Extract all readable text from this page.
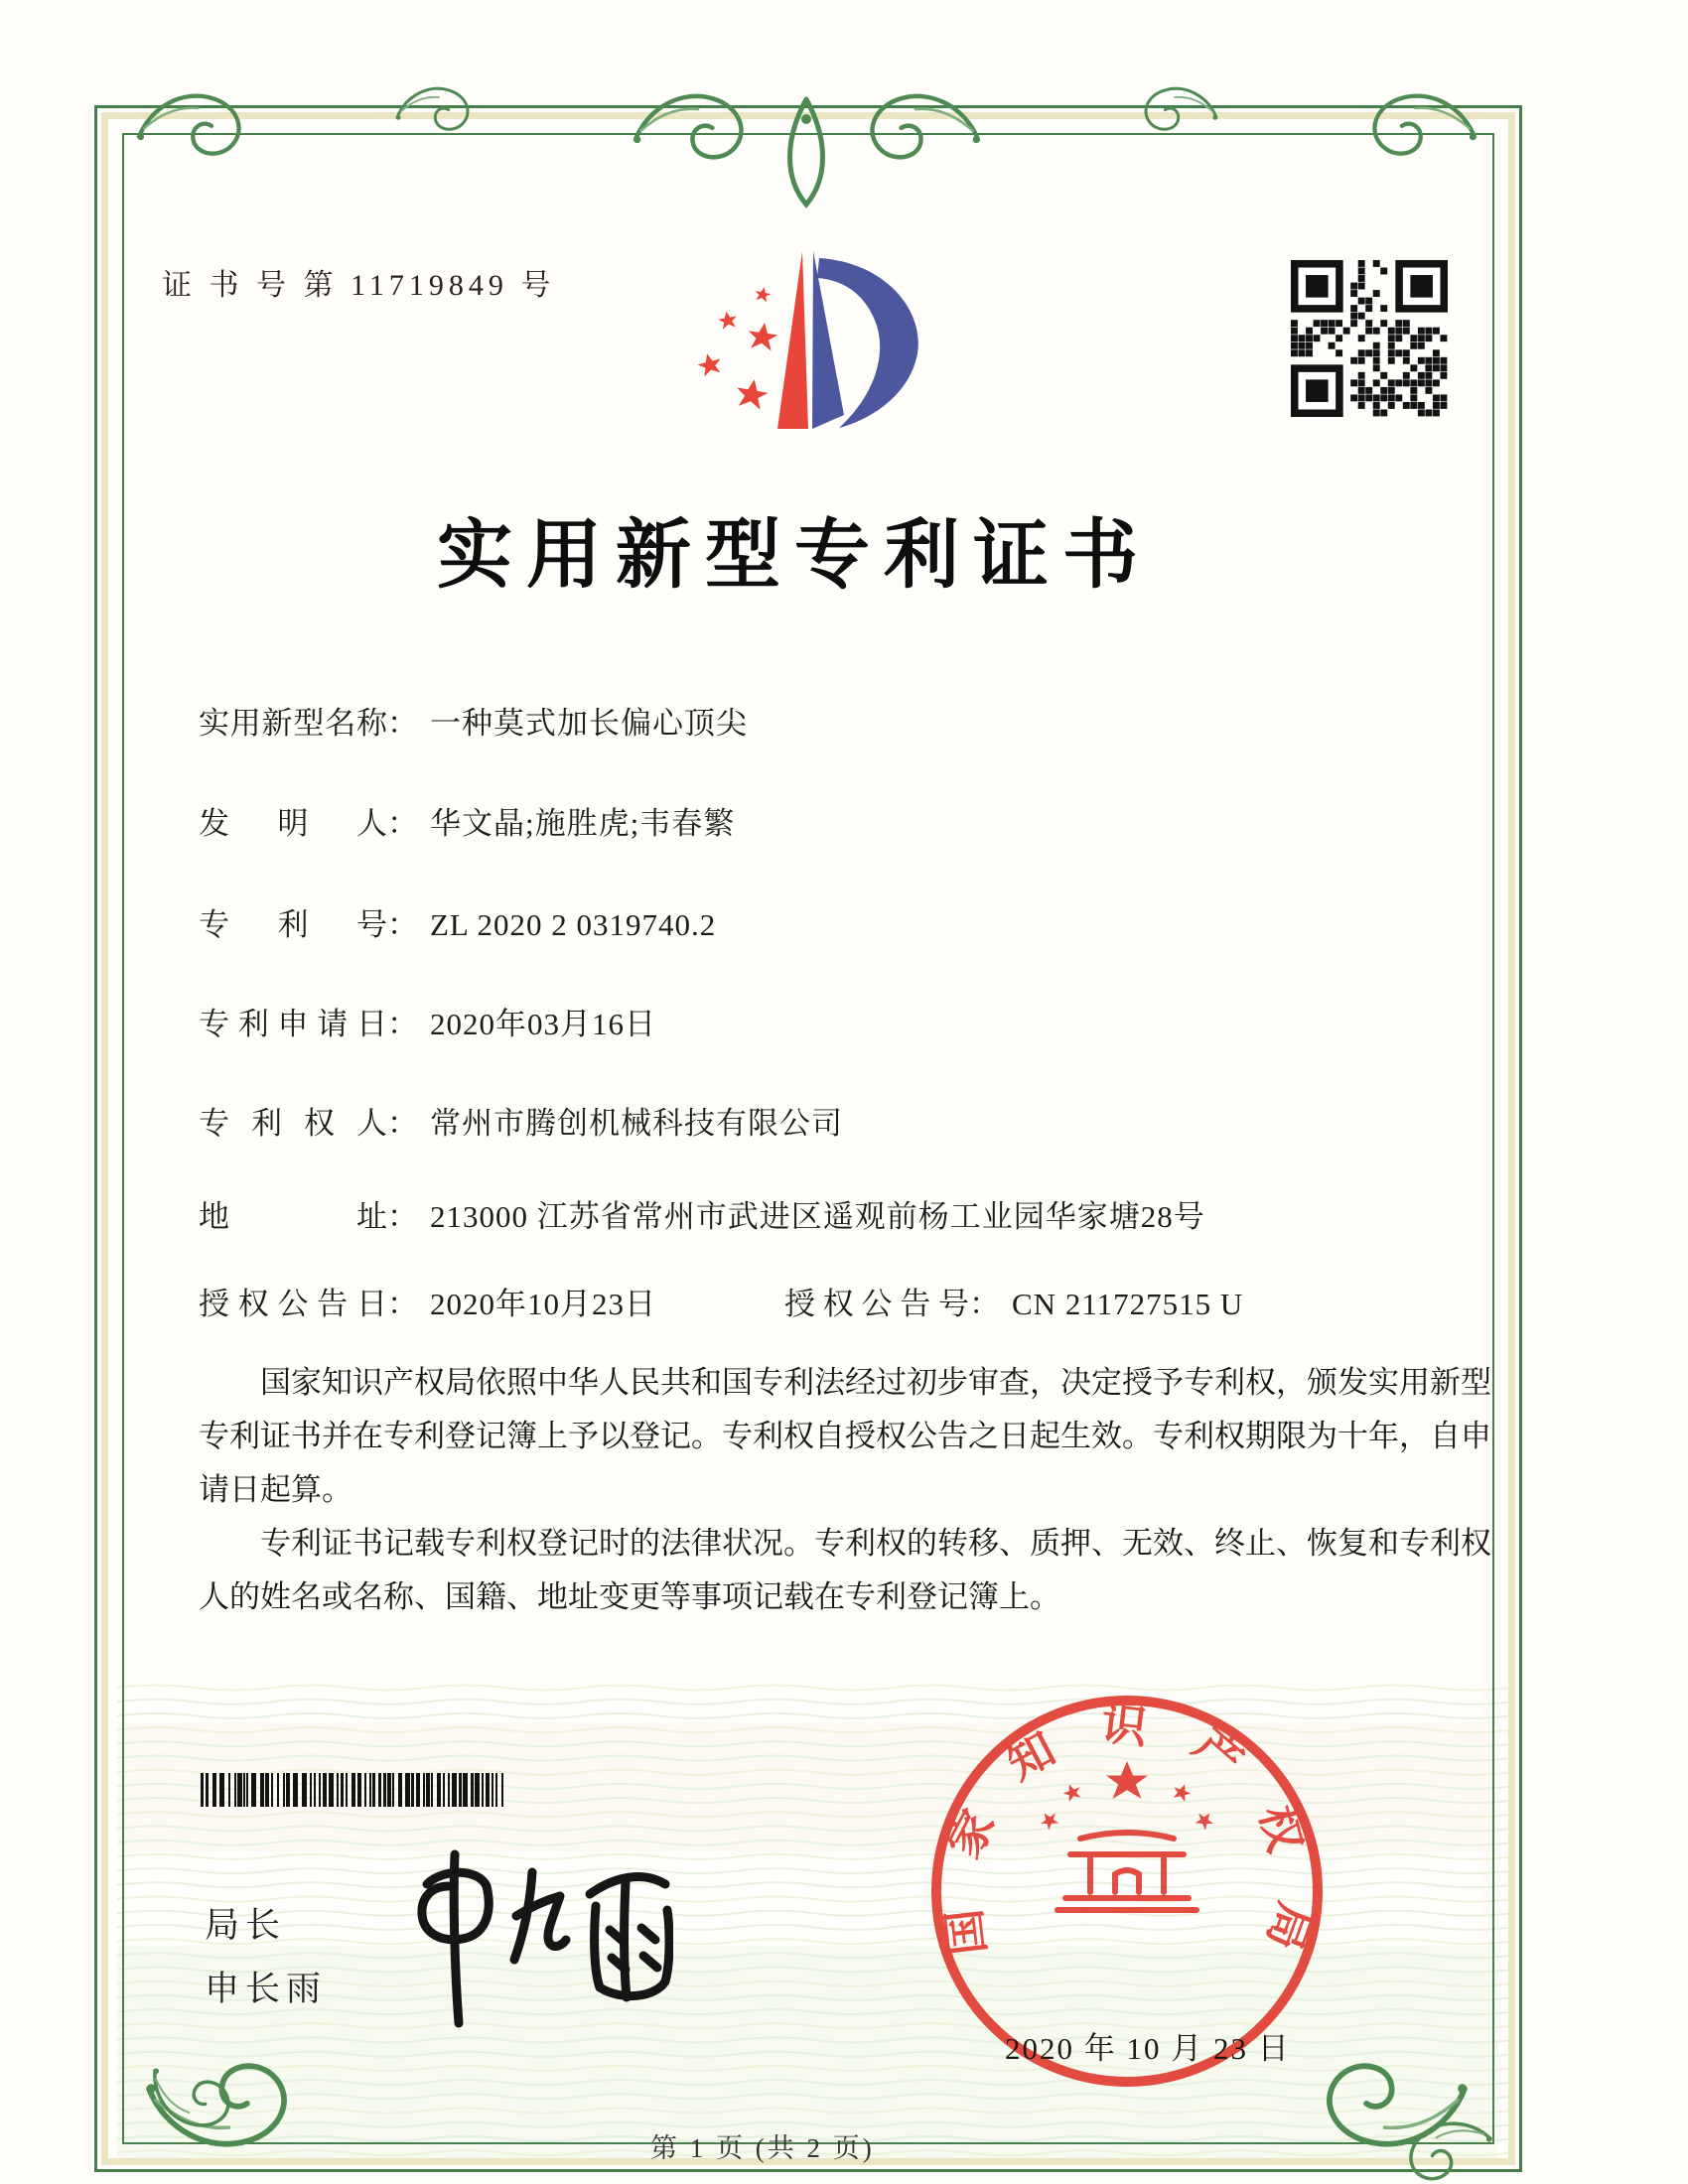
证 书 号 第 11719849 号
实用新型专利证书
实用新型名称： 一种莫式加长偏心顶尖
发明人： 华文晶;施胜虎;韦春繁
专利号： ZL 2020 2 0319740.2
专利申请日： 2020年03月16日
专利权人： 常州市腾创机械科技有限公司
地址： 213000 江苏省常州市武进区遥观前杨工业园华家塘28号
授权公告日： 2020年10月23日	授权公告号： CN 211727515 U

国家知识产权局依照中华人民共和国专利法经过初步审查，决定授予专利权，颁发实用新型专利证书并在专利登记簿上予以登记。专利权自授权公告之日起生效。专利权期限为十年，自申请日起算。

专利证书记载专利权登记时的法律状况。专利权的转移、质押、无效、终止、恢复和专利权人的姓名或名称、国籍、地址变更等事项记载在专利登记簿上。

局长
申长雨
国家知识产权局
2020 年 10 月 23 日
第 1 页 (共 2 页)
